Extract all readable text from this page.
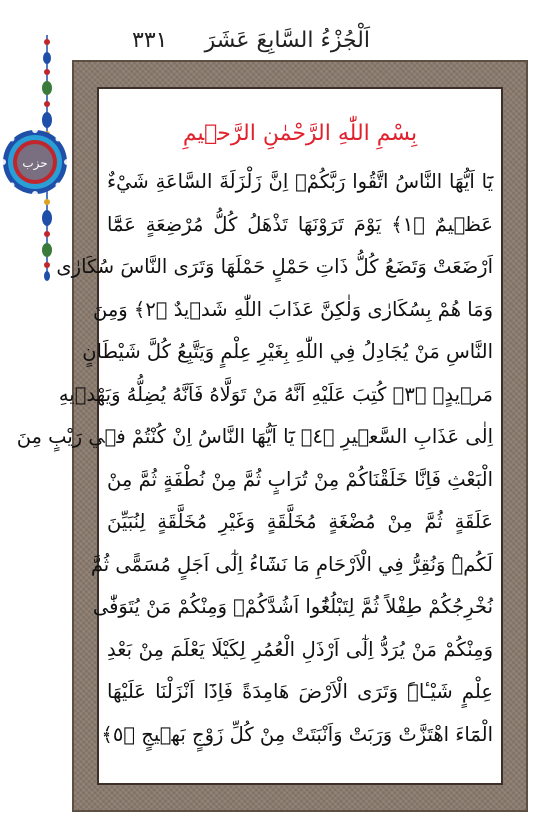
اَلْجُزْءُ السَّابِعَ عَشَرَ
٣٣١
حزب
بِسْمِ اللّٰهِ الرَّحْمٰنِ الرَّح۪يمِ
يَٓا اَيُّهَا النَّاسُ اتَّقُوا رَبَّكُمْۚ اِنَّ زَلْزَلَةَ السَّاعَةِ شَيْءٌ
عَظ۪يمٌ ﴿١﴾ يَوْمَ تَرَوْنَهَا تَذْهَلُ كُلُّ مُرْضِعَةٍ عَمَّٓا
اَرْضَعَتْ وَتَضَعُ كُلُّ ذَاتِ حَمْلٍ حَمْلَهَا وَتَرَى النَّاسَ سُكَارٰى
وَمَا هُمْ بِسُكَارٰى وَلٰكِنَّ عَذَابَ اللّٰهِ شَد۪يدٌ ﴿٢﴾ وَمِنَ
النَّاسِ مَنْ يُجَادِلُ فِي اللّٰهِ بِغَيْرِ عِلْمٍ وَيَتَّبِعُ كُلَّ شَيْطَانٍ
مَر۪يدٍۙ ﴿٣﴾ كُتِبَ عَلَيْهِ اَنَّهُ مَنْ تَوَلَّاهُ فَاَنَّهُ يُضِلُّهُ وَيَهْد۪يهِ
اِلٰى عَذَابِ السَّع۪يرِ ﴿٤﴾ يَٓا اَيُّهَا النَّاسُ اِنْ كُنْتُمْ ف۪ي رَيْبٍ مِنَ
الْبَعْثِ فَاِنَّا خَلَقْنَاكُمْ مِنْ تُرَابٍ ثُمَّ مِنْ نُطْفَةٍ ثُمَّ مِنْ
عَلَقَةٍ ثُمَّ مِنْ مُضْغَةٍ مُخَلَّقَةٍ وَغَيْرِ مُخَلَّقَةٍ لِنُبَيِّنَ
لَكُمْۜ وَنُقِرُّ فِي الْاَرْحَامِ مَا نَشَٓاءُ اِلٰٓى اَجَلٍ مُسَمًّى ثُمَّ
نُخْرِجُكُمْ طِفْلاً ثُمَّ لِتَبْلُغُٓوا اَشُدَّكُمْۚ وَمِنْكُمْ مَنْ يُتَوَفّٰى
وَمِنْكُمْ مَنْ يُرَدُّ اِلٰٓى اَرْذَلِ الْعُمُرِ لِكَيْلَا يَعْلَمَ مِنْ بَعْدِ
عِلْمٍ شَيْـٔاًۜ وَتَرَى الْاَرْضَ هَامِدَةً فَاِذَٓا اَنْزَلْنَا عَلَيْهَا
الْمَٓاءَ اهْتَزَّتْ وَرَبَتْ وَاَنْبَتَتْ مِنْ كُلِّ زَوْجٍ بَه۪يجٍ ﴿٥﴾
